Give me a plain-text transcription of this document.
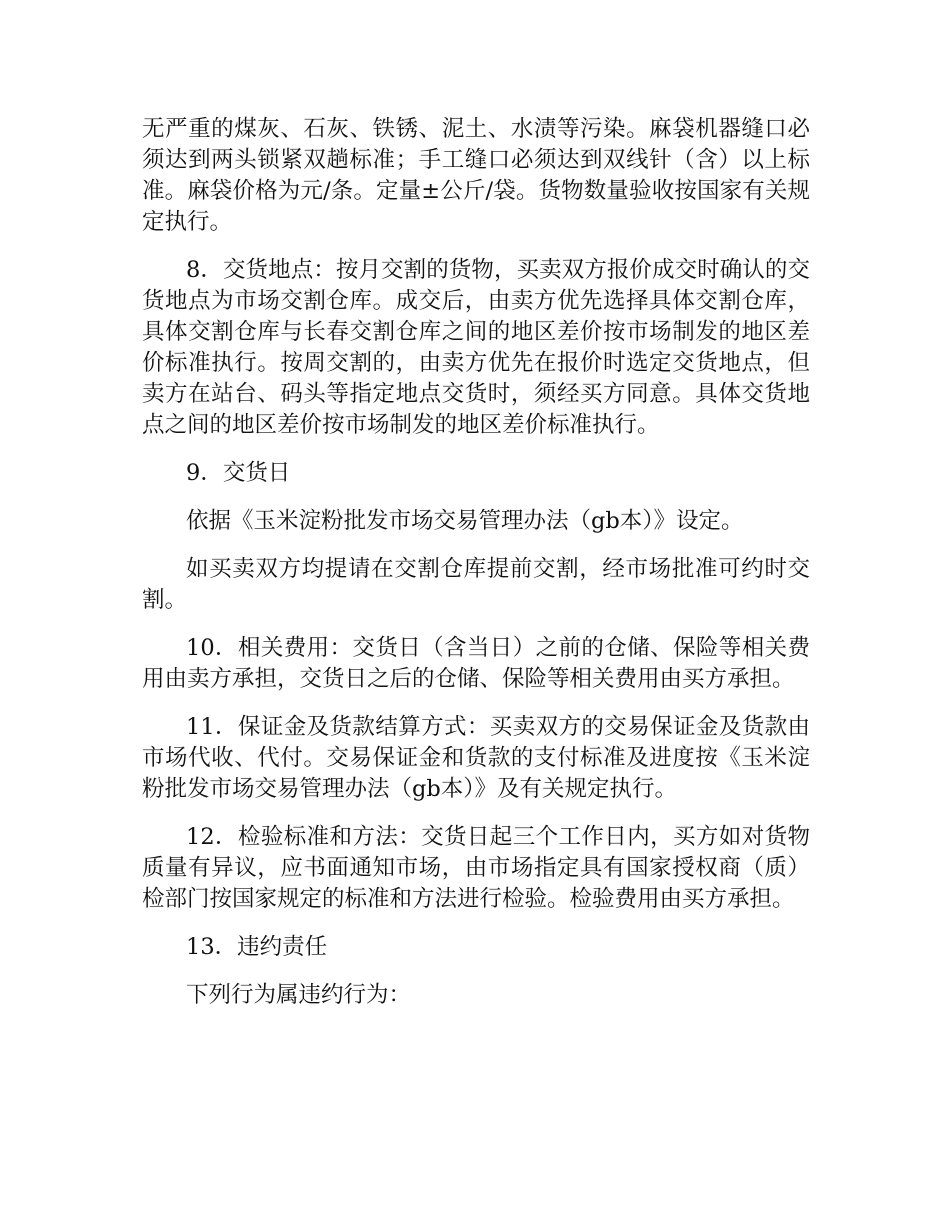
无严重的煤灰、石灰、铁锈、泥土、水渍等污染。麻袋机器缝口必须达到两头锁紧双趟标准；手工缝口必须达到双线针（含）以上标准。麻袋价格为元/条。定量±公斤/袋。货物数量验收按国家有关规定执行。

8．交货地点：按月交割的货物，买卖双方报价成交时确认的交货地点为市场交割仓库。成交后，由卖方优先选择具体交割仓库，具体交割仓库与长春交割仓库之间的地区差价按市场制发的地区差价标准执行。按周交割的，由卖方优先在报价时选定交货地点，但卖方在站台、码头等指定地点交货时，须经买方同意。具体交货地点之间的地区差价按市场制发的地区差价标准执行。

9．交货日

依据《玉米淀粉批发市场交易管理办法（gb本）》设定。

如买卖双方均提请在交割仓库提前交割，经市场批准可约时交割。

10．相关费用：交货日（含当日）之前的仓储、保险等相关费用由卖方承担，交货日之后的仓储、保险等相关费用由买方承担。

11．保证金及货款结算方式：买卖双方的交易保证金及货款由市场代收、代付。交易保证金和货款的支付标准及进度按《玉米淀粉批发市场交易管理办法（gb本）》及有关规定执行。

12．检验标准和方法：交货日起三个工作日内，买方如对货物质量有异议，应书面通知市场，由市场指定具有国家授权商（质）检部门按国家规定的标准和方法进行检验。检验费用由买方承担。

13．违约责任

下列行为属违约行为：
